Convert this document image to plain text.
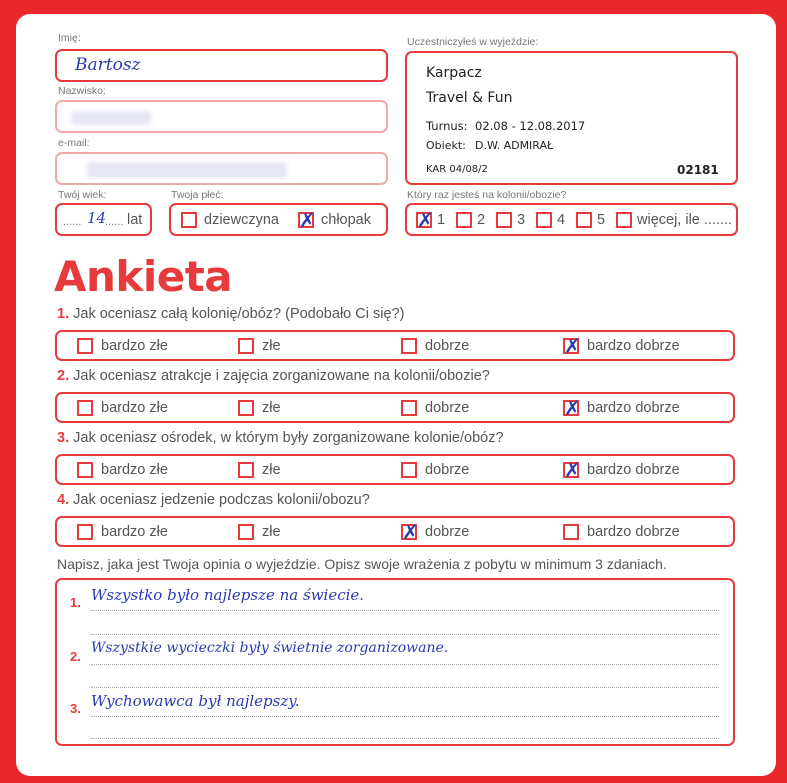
Imię:
Bartosz
Nazwisko:
e-mail:
Twój wiek:
...... 14
...... lat
Twoja płeć:
dziewczyna ✗ chłopak
Uczestniczyłeś w wyjeździe:
Karpacz
Travel & Fun
Turnus: 02.08 - 12.08.2017
Obiekt: D.W. ADMIRAŁ
KAR 04/08/2	02181
Który raz jesteś na kolonii/obozie?
✗ 1 2 3 4 5 więcej, ile .......
Ankieta
1. Jak oceniasz całą kolonię/obóz? (Podobało Ci się?)
bardzo złe	złe	dobrze	✗ bardzo dobrze
2. Jak oceniasz atrakcje i zajęcia zorganizowane na kolonii/obozie?
bardzo złe	złe	dobrze	✗ bardzo dobrze
3. Jak oceniasz ośrodek, w którym były zorganizowane kolonie/obóz?
bardzo złe	złe	dobrze	✗ bardzo dobrze
4. Jak oceniasz jedzenie podczas kolonii/obozu?
bardzo złe	złe	✗ dobrze	bardzo dobrze
Napisz, jaka jest Twoja opinia o wyjeździe. Opisz swoje wrażenia z pobytu w minimum 3 zdaniach.
1. Wszystko było najlepsze na świecie.
2.
Wszystkie wycieczki były świetnie zorganizowane.
3. Wychowawca był najlepszy.
